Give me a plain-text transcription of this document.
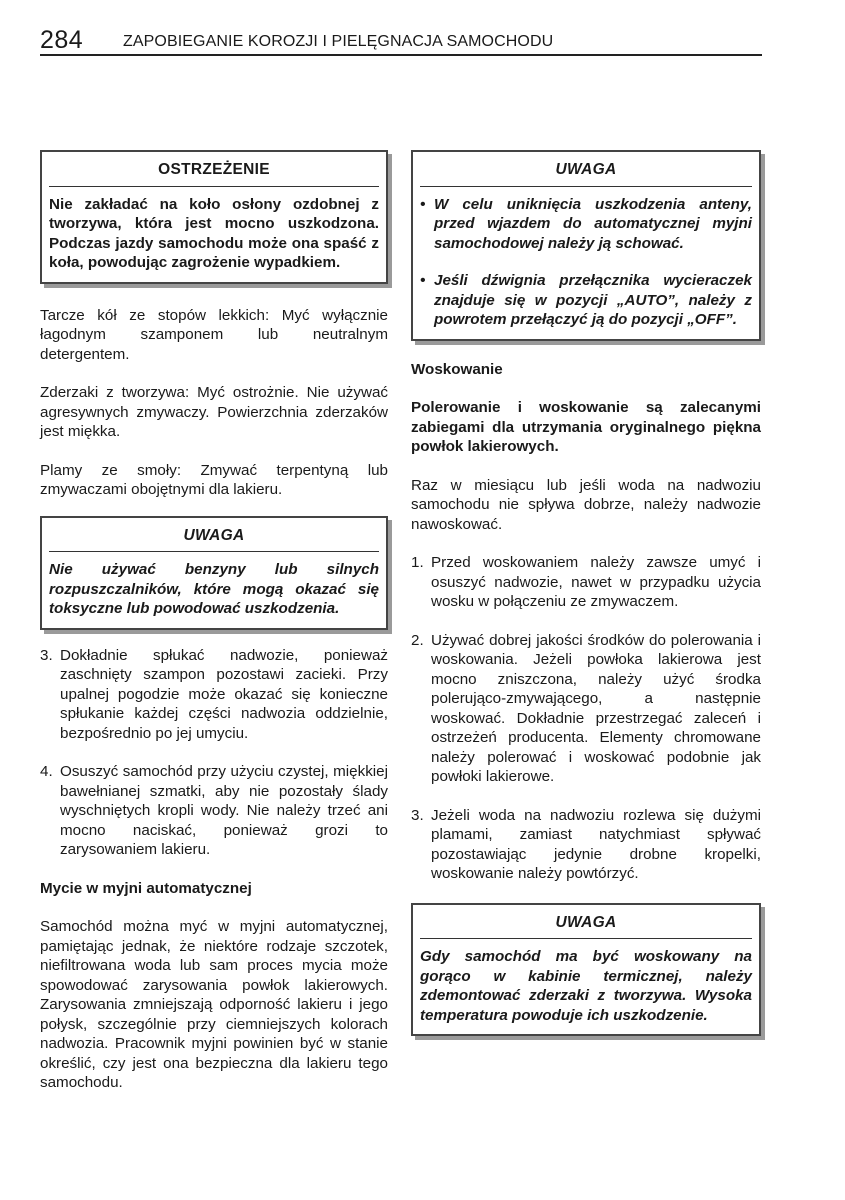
284 ZAPOBIEGANIE KOROZJI I PIELĘGNACJA SAMOCHODU
OSTRZEŻENIE
Nie zakładać na koło osłony ozdobnej z tworzywa, która jest mocno uszkodzona. Podczas jazdy samochodu może ona spaść z koła, powodując zagrożenie wypadkiem.

Tarcze kół ze stopów lekkich: Myć wyłącznie łagodnym szamponem lub neutralnym detergentem.

Zderzaki z tworzywa: Myć ostrożnie. Nie używać agresywnych zmywaczy. Powierzchnia zderzaków jest miękka.

Plamy ze smoły: Zmywać terpentyną lub zmywaczami obojętnymi dla lakieru.

UWAGA
Nie używać benzyny lub silnych rozpuszczalników, które mogą okazać się toksyczne lub powodować uszkodzenia.
3. Dokładnie spłukać nadwozie, ponieważ zaschnięty szampon pozostawi zacieki. Przy upalnej pogodzie może okazać się konieczne spłukanie każdej części nadwozia oddzielnie, bezpośrednio po jej umyciu.
4. Osuszyć samochód przy użyciu czystej, miękkiej bawełnianej szmatki, aby nie pozostały ślady wyschniętych kropli wody. Nie należy trzeć ani mocno naciskać, ponieważ grozi to zarysowaniem lakieru.
Mycie w myjni automatycznej

Samochód można myć w myjni automatycznej, pamiętając jednak, że niektóre rodzaje szczotek, niefiltrowana woda lub sam proces mycia może spowodować zarysowania powłok lakierowych. Zarysowania zmniejszają odporność lakieru i jego połysk, szczególnie przy ciemniejszych kolorach nadwozia. Pracownik myjni powinien być w stanie określić, czy jest ona bezpieczna dla lakieru tego samochodu.

UWAGA
• W celu uniknięcia uszkodzenia anteny, przed wjazdem do automatycznej myjni samochodowej należy ją schować.
• Jeśli dźwignia przełącznika wycieraczek znajduje się w pozycji „AUTO”, należy z powrotem przełączyć ją do pozycji „OFF”.
Woskowanie

Polerowanie i woskowanie są zalecanymi zabiegami dla utrzymania oryginalnego piękna powłok lakierowych.

Raz w miesiącu lub jeśli woda na nadwoziu samochodu nie spływa dobrze, należy nadwozie nawoskować.

1. Przed woskowaniem należy zawsze umyć i osuszyć nadwozie, nawet w przypadku użycia wosku w połączeniu ze zmywaczem.
2. Używać dobrej jakości środków do polerowania i woskowania. Jeżeli powłoka lakierowa jest mocno zniszczona, należy użyć środka polerująco-zmywającego, a następnie woskować. Dokładnie przestrzegać zaleceń i ostrzeżeń producenta. Elementy chromowane należy polerować i woskować podobnie jak powłoki lakierowe.
3. Jeżeli woda na nadwoziu rozlewa się dużymi plamami, zamiast natychmiast spływać pozostawiając jedynie drobne kropelki, woskowanie należy powtórzyć.
UWAGA
Gdy samochód ma być woskowany na gorąco w kabinie termicznej, należy zdemontować zderzaki z tworzywa. Wysoka temperatura powoduje ich uszkodzenie.
